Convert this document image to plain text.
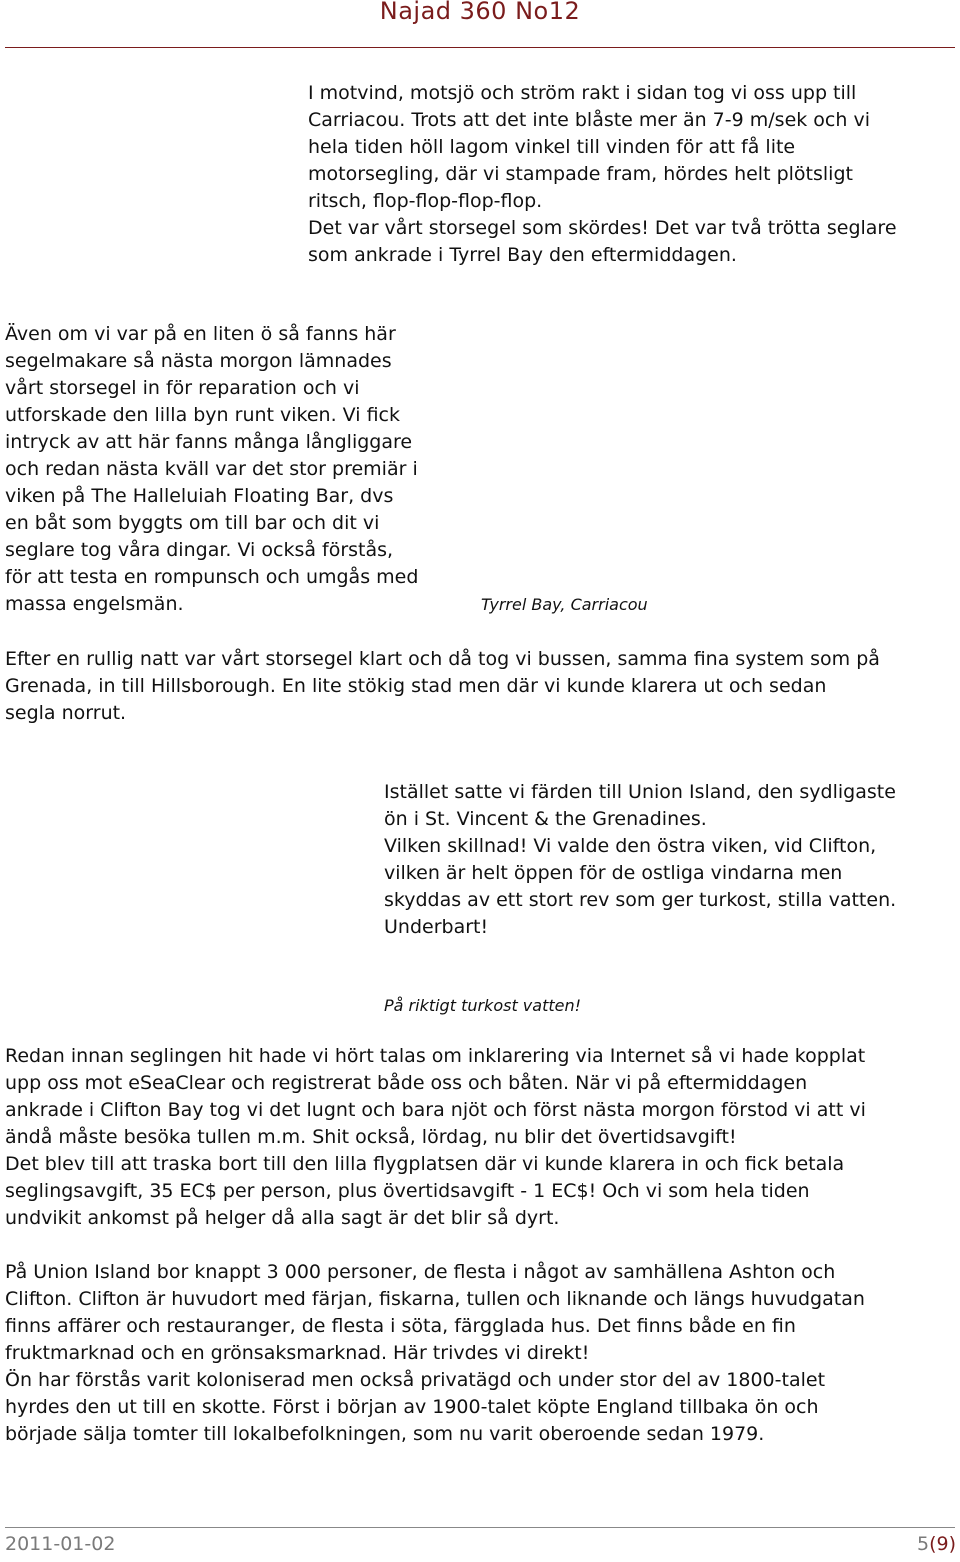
Najad 360 No12

I motvind, motsjö och ström rakt i sidan tog vi oss upp till

Carriacou. Trots att det inte blåste mer än 7-9 m/sek och vi

hela tiden höll lagom vinkel till vinden för att få lite

motorsegling, där vi stampade fram, hördes helt plötsligt

ritsch, flop-flop-flop-flop.

Det var vårt storsegel som skördes! Det var två trötta seglare

som ankrade i Tyrrel Bay den eftermiddagen.

Även om vi var på en liten ö så fanns här

segelmakare så nästa morgon lämnades

vårt storsegel in för reparation och vi

utforskade den lilla byn runt viken. Vi fick

intryck av att här fanns många långliggare

och redan nästa kväll var det stor premiär i

viken på The Halleluiah Floating Bar, dvs

en båt som byggts om till bar och dit vi

seglare tog våra dingar. Vi också förstås,

för att testa en rompunsch och umgås med

massa engelsmän.	Tyrrel Bay, Carriacou

Efter en rullig natt var vårt storsegel klart och då tog vi bussen, samma fina system som på

Grenada, in till Hillsborough. En lite stökig stad men där vi kunde klarera ut och sedan

segla norrut.

Istället satte vi färden till Union Island, den sydligaste

ön i St. Vincent & the Grenadines.

Vilken skillnad! Vi valde den östra viken, vid Clifton,

vilken är helt öppen för de ostliga vindarna men

skyddas av ett stort rev som ger turkost, stilla vatten.

Underbart!

På riktigt turkost vatten!

Redan innan seglingen hit hade vi hört talas om inklarering via Internet så vi hade kopplat

upp oss mot eSeaClear och registrerat både oss och båten. När vi på eftermiddagen

ankrade i Clifton Bay tog vi det lugnt och bara njöt och först nästa morgon förstod vi att vi

ändå måste besöka tullen m.m. Shit också, lördag, nu blir det övertidsavgift!

Det blev till att traska bort till den lilla flygplatsen där vi kunde klarera in och fick betala

seglingsavgift, 35 EC$ per person, plus övertidsavgift - 1 EC$! Och vi som hela tiden

undvikit ankomst på helger då alla sagt är det blir så dyrt.

På Union Island bor knappt 3 000 personer, de flesta i något av samhällena Ashton och

Clifton. Clifton är huvudort med färjan, fiskarna, tullen och liknande och längs huvudgatan

finns affärer och restauranger, de flesta i söta, färgglada hus. Det finns både en fin

fruktmarknad och en grönsaksmarknad. Här trivdes vi direkt!

Ön har förstås varit koloniserad men också privatägd och under stor del av 1800-talet

hyrdes den ut till en skotte. Först i början av 1900-talet köpte England tillbaka ön och

började sälja tomter till lokalbefolkningen, som nu varit oberoende sedan 1979.

2011-01-02	5(9)
